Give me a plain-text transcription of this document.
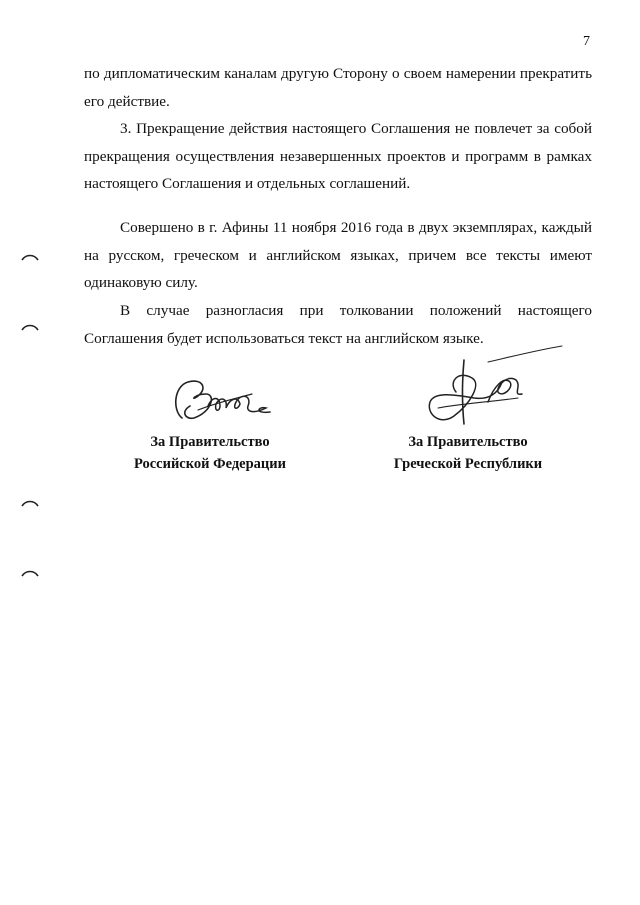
7

по дипломатическим каналам другую Сторону о своем намерении прекратить его действие.

3. Прекращение действия настоящего Соглашения не повлечет за собой прекращения осуществления незавершенных проектов и программ в рамках настоящего Соглашения и отдельных соглашений.

Совершено в г. Афины 11 ноября 2016 года в двух экземплярах, каждый на русском, греческом и английском языках, причем все тексты имеют одинаковую силу.

В случае разногласия при толковании положений настоящего Соглашения будет использоваться текст на английском языке.

За Правительство
Российской Федерации
За Правительство
Греческой Республики
